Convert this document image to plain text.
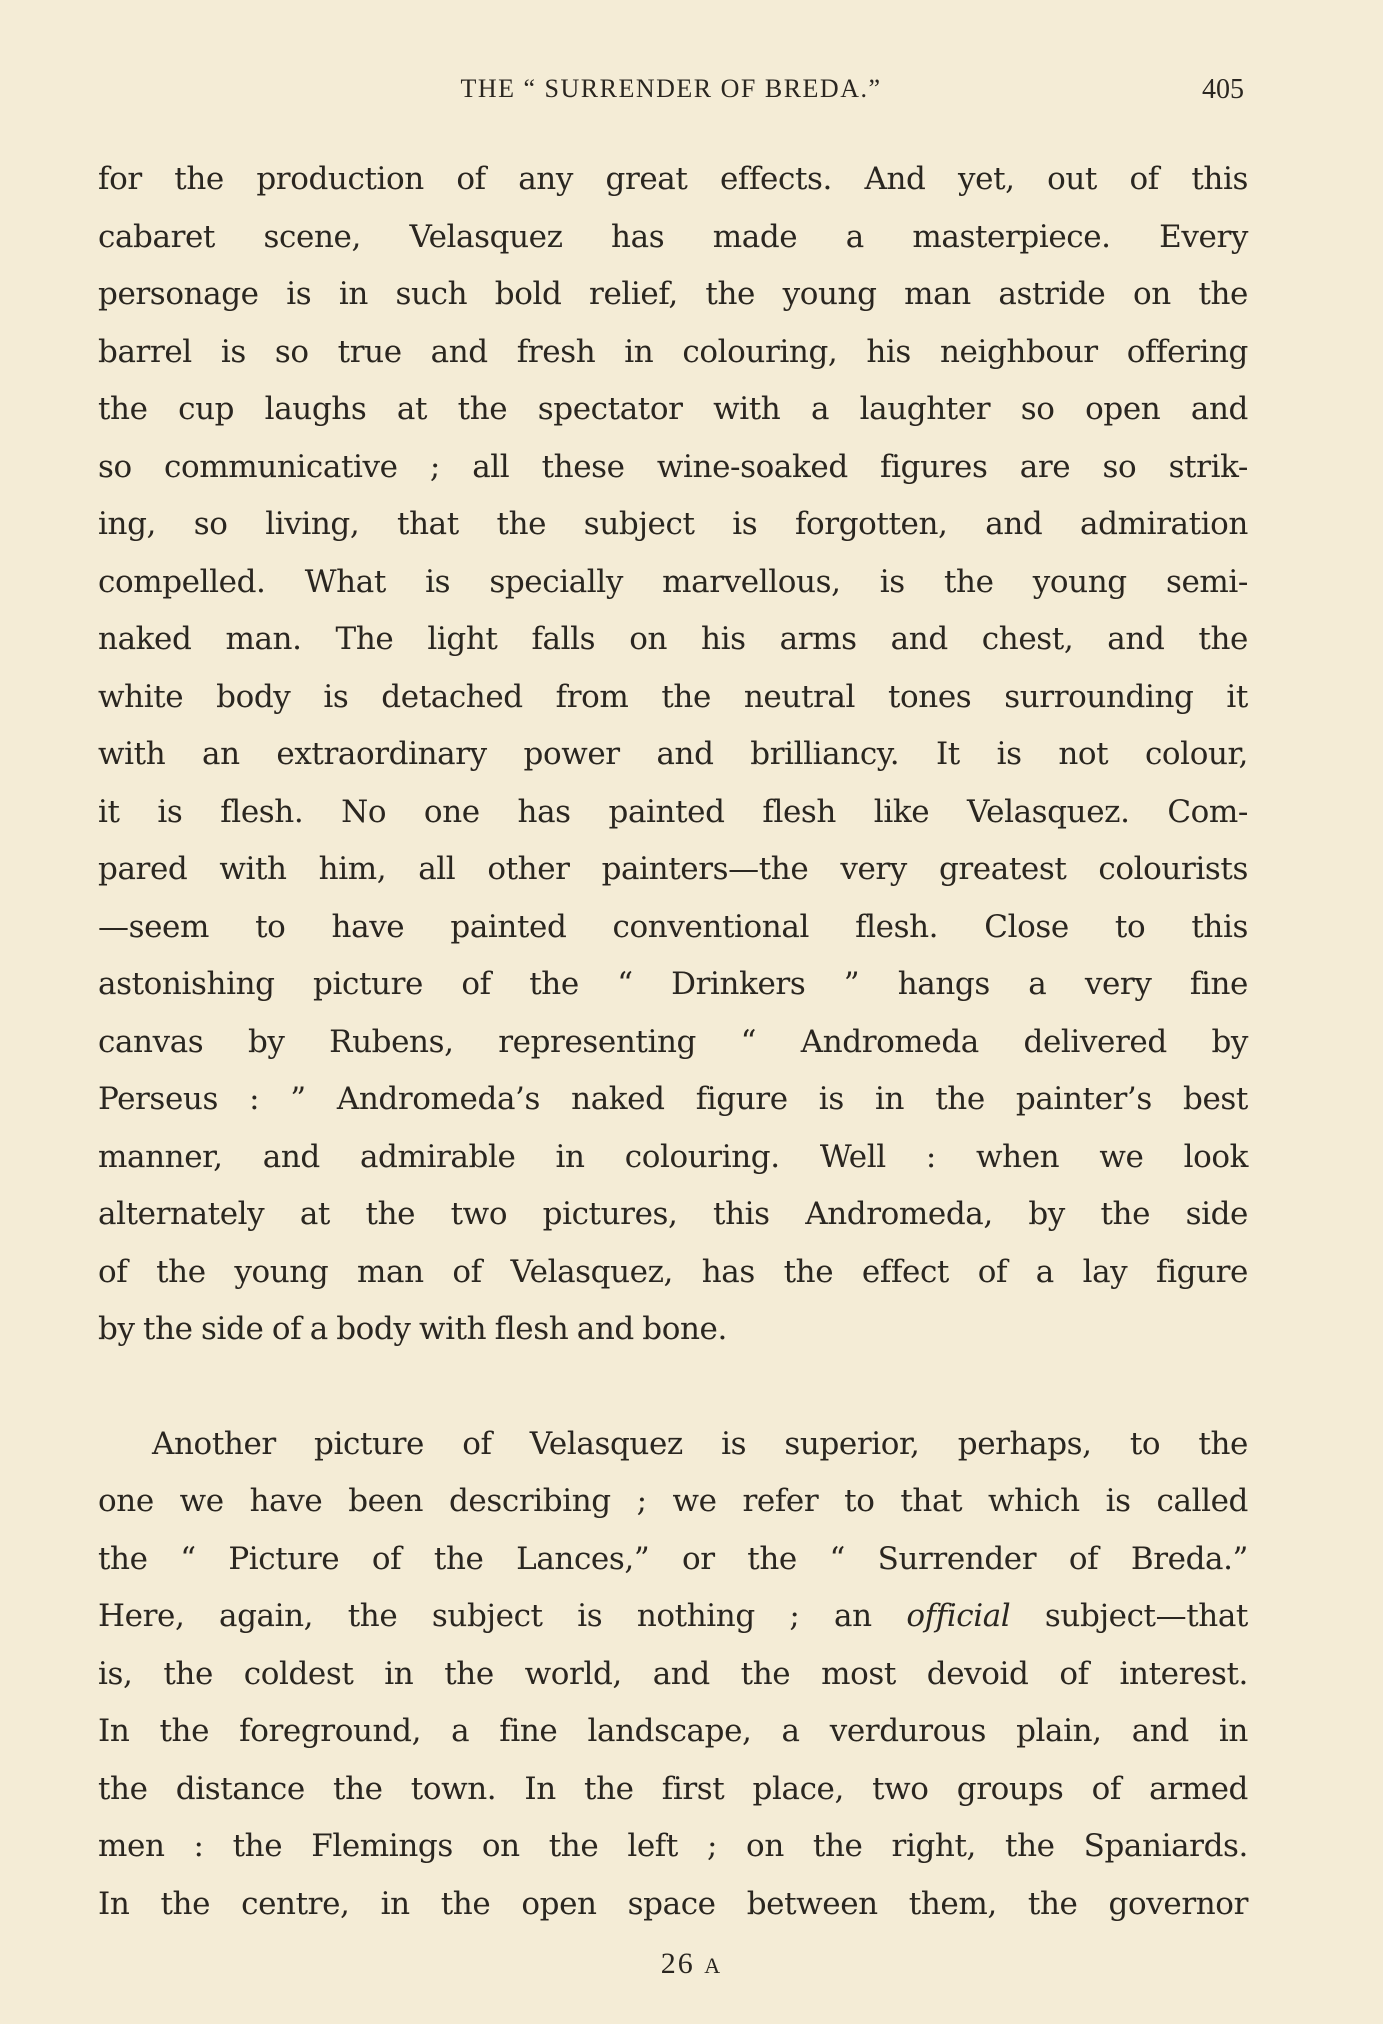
THE “ SURRENDER OF BREDA.”	405
for the production of any great effects. And yet, out of this
cabaret scene, Velasquez has made a masterpiece. Every
personage is in such bold relief, the young man astride on the
barrel is so true and fresh in colouring, his neighbour offering
the cup laughs at the spectator with a laughter so open and
so communicative ; all these wine-soaked figures are so strik-
ing, so living, that the subject is forgotten, and admiration
compelled. What is specially marvellous, is the young semi-
naked man. The light falls on his arms and chest, and the
white body is detached from the neutral tones surrounding it
with an extraordinary power and brilliancy. It is not colour,
it is flesh. No one has painted flesh like Velasquez. Com-
pared with him, all other painters—the very greatest colourists
—seem to have painted conventional flesh. Close to this
astonishing picture of the “ Drinkers ” hangs a very fine
canvas by Rubens, representing “ Andromeda delivered by
Perseus : ” Andromeda’s naked figure is in the painter’s best
manner, and admirable in colouring. Well : when we look
alternately at the two pictures, this Andromeda, by the side
of the young man of Velasquez, has the effect of a lay figure
by the side of a body with flesh and bone.
Another picture of Velasquez is superior, perhaps, to the
one we have been describing ; we refer to that which is called
the “ Picture of the Lances,” or the “ Surrender of Breda.”
Here, again, the subject is nothing ; an official subject—that
is, the coldest in the world, and the most devoid of interest.
In the foreground, a fine landscape, a verdurous plain, and in
the distance the town. In the first place, two groups of armed
men : the Flemings on the left ; on the right, the Spaniards.
In the centre, in the open space between them, the governor
26 A
